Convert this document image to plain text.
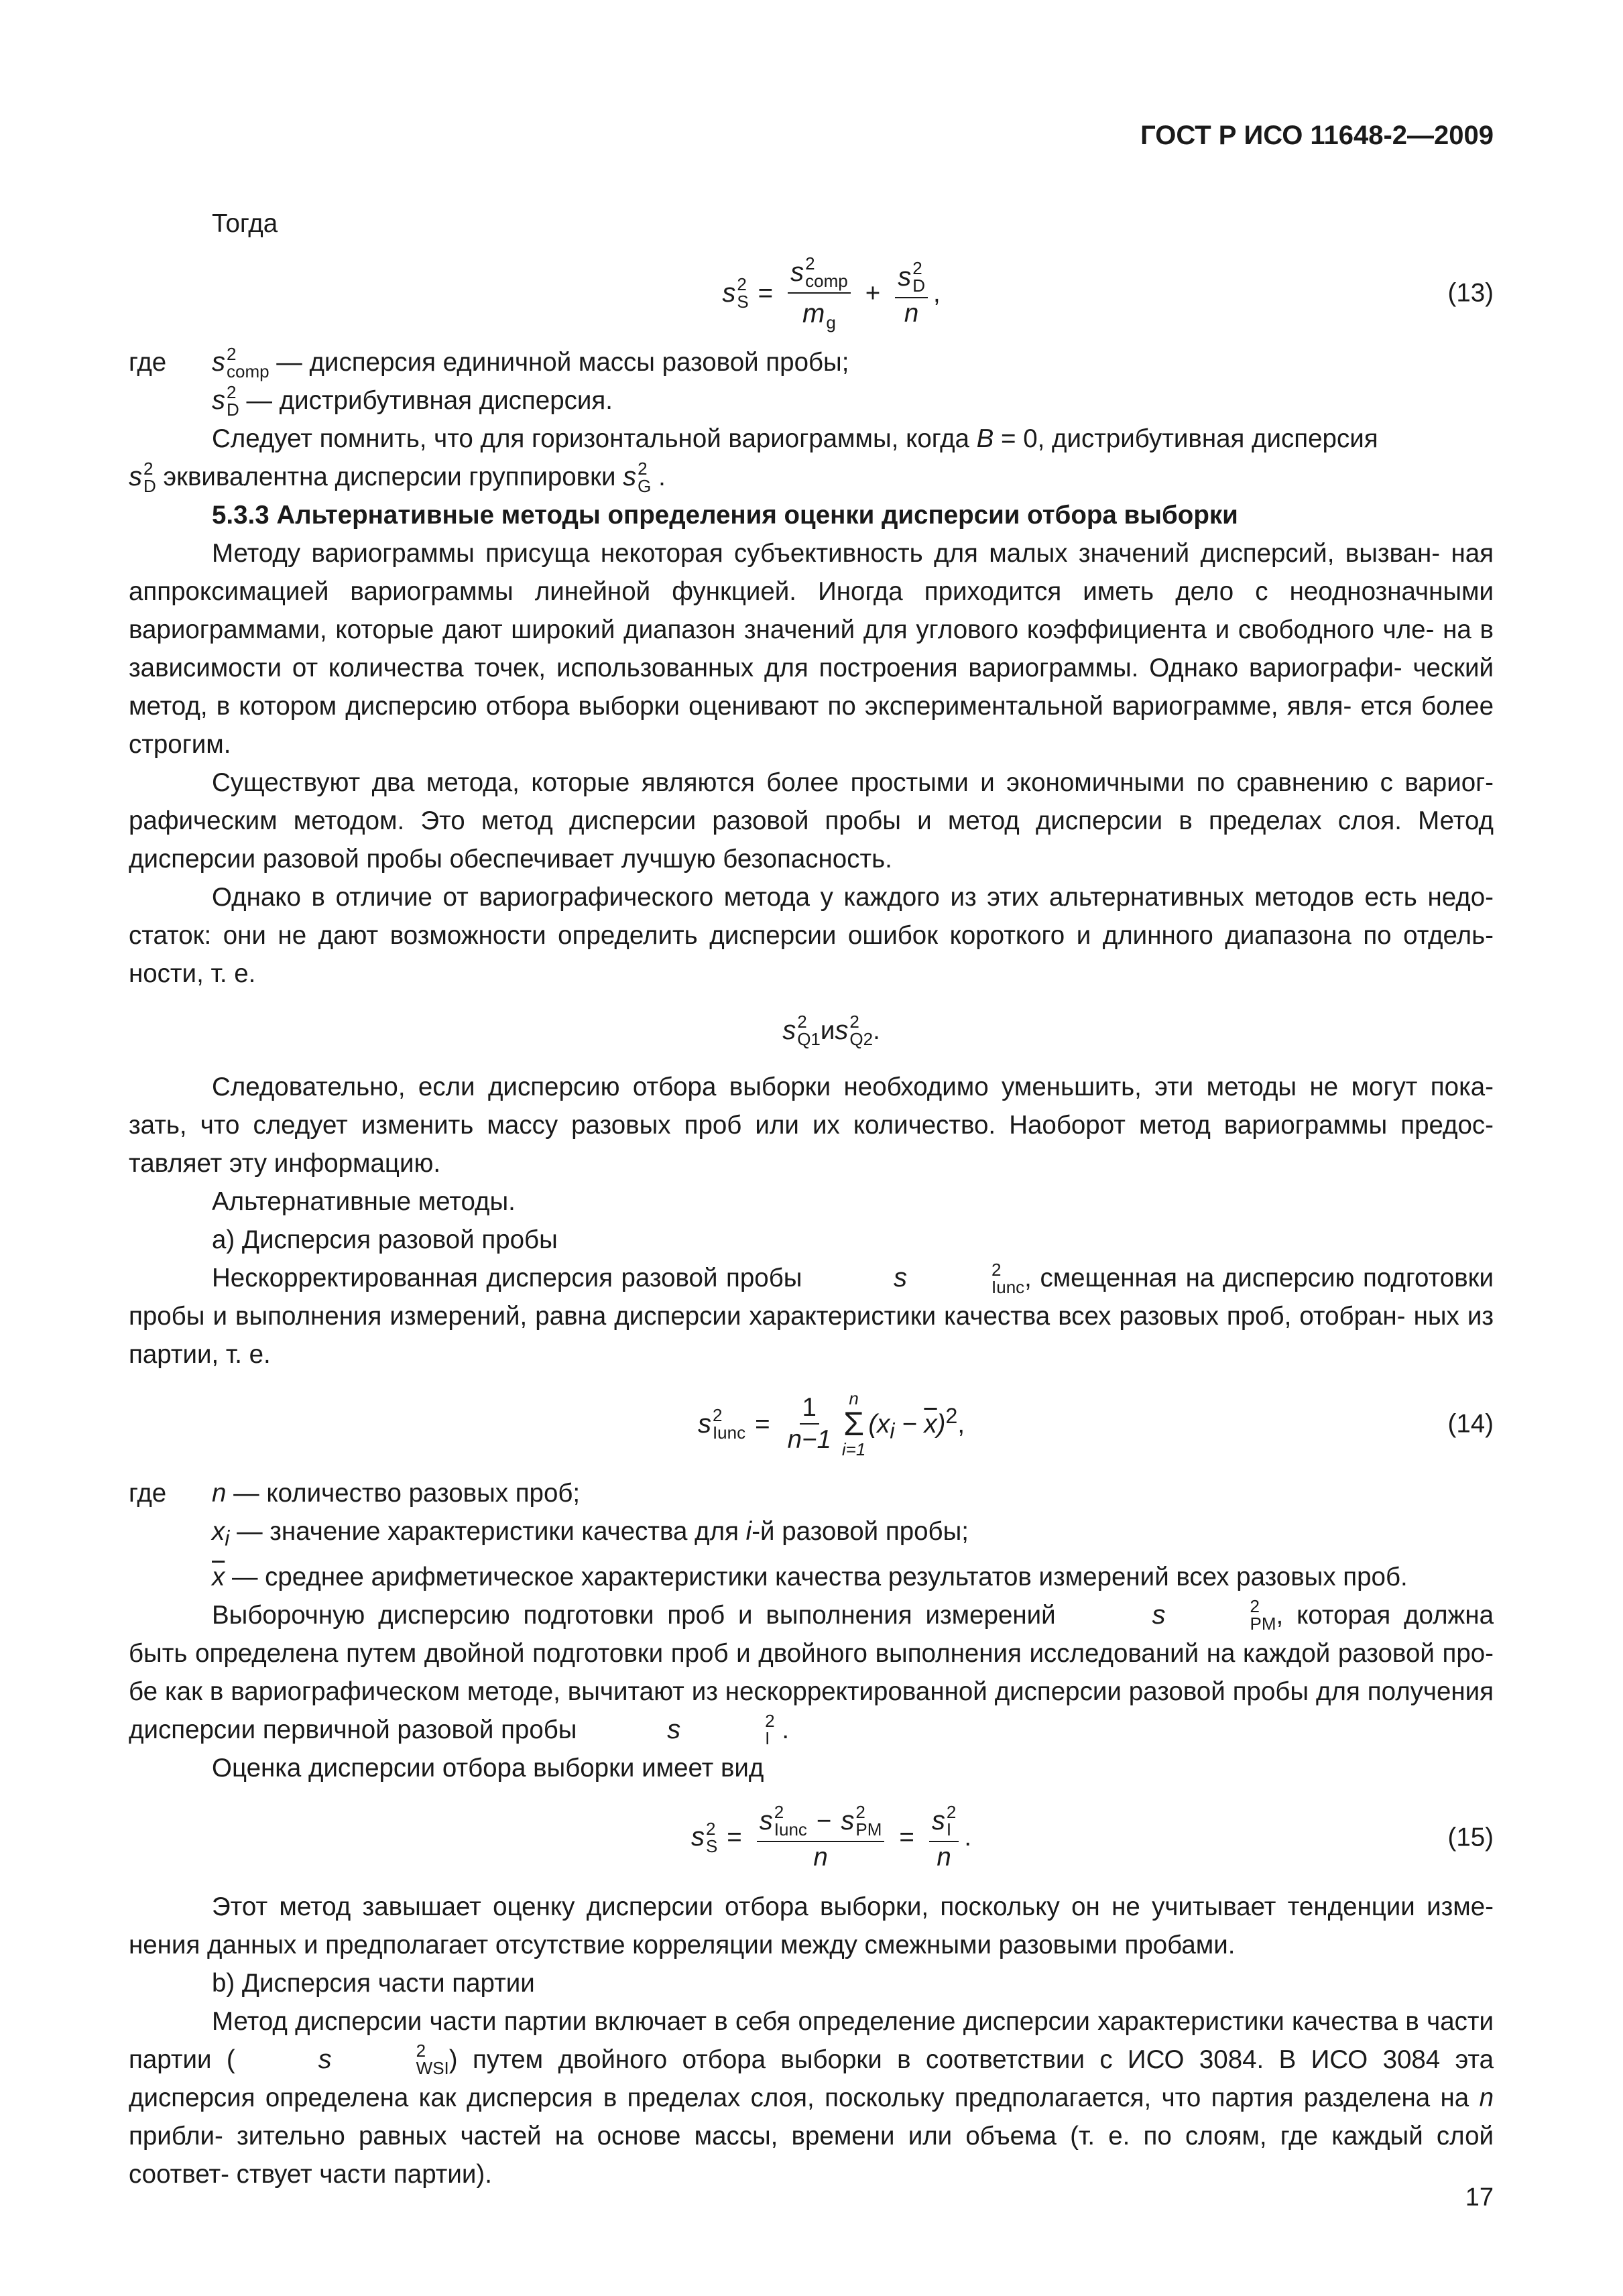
ГОСТ Р ИСО 11648-2—2009

Тогда

s 2
S = s 2
comp
m
g + s 2
D
n ,	(13)
где	s 2
comp — дисперсия единичной массы разовой пробы;
s 2
D — дистрибутивная дисперсия.

Следует помнить, что для горизонтальной вариограммы, когда B = 0, дистрибутивная дисперсия

s 2
D эквивалентна дисперсии группировки s 2
G .

5.3.3 Альтернативные методы определения оценки дисперсии отбора выборки

Методу вариограммы присуща некоторая субъективность для малых значений дисперсий, вызван- ная аппроксимацией вариограммы линейной функцией. Иногда приходится иметь дело с неоднозначными вариограммами, которые дают широкий диапазон значений для углового коэффициента и свободного чле- на в зависимости от количества точек, использованных для построения вариограммы. Однако вариографи- ческий метод, в котором дисперсию отбора выборки оценивают по экспериментальной вариограмме, явля- ется более строгим.

Существуют два метода, которые являются более простыми и экономичными по сравнению с вариог- рафическим методом. Это метод дисперсии разовой пробы и метод дисперсии в пределах слоя. Метод дисперсии разовой пробы обеспечивает лучшую безопасность.

Однако в отличие от вариографического метода у каждого из этих альтернативных методов есть недо- статок: они не дают возможности определить дисперсии ошибок короткого и длинного диапазона по отдель- ности, т. е.

s 2
Q1 и s 2
Q2 .

Следовательно, если дисперсию отбора выборки необходимо уменьшить, эти методы не могут пока- зать, что следует изменить массу разовых проб или их количество. Наоборот метод вариограммы предос- тавляет эту информацию.

Альтернативные методы.

а) Дисперсия разовой пробы

Нескорректированная дисперсия разовой пробы	s	2
Iunc , смещенная на дисперсию подготовки пробы и выполнения измерений, равна дисперсии характеристики качества всех разовых проб, отобран- ных из партии, т. е.

s 2
Iunc = $\frac{1}{n-1}$ n
Σ
i=1
$(x_i - \overline{x})^2$ ,	(14)
где	n — количество разовых проб;
$x_i$ — значение характеристики качества для i-й разовой пробы;
$\overline{x}$ — среднее арифметическое характеристики качества результатов измерений всех разовых проб.

Выборочную дисперсию подготовки проб и выполнения измерений	s	2
PM , которая должна быть определена путем двойной подготовки проб и двойного выполнения исследований на каждой разовой про- бе как в вариографическом методе, вычитают из нескорректированной дисперсии разовой пробы для получения дисперсии первичной разовой пробы	s	2
I .

Оценка дисперсии отбора выборки имеет вид

s 2
S = s 2
Iunc − s 2
PM
n = s 2
I
n .	(15)

Этот метод завышает оценку дисперсии отбора выборки, поскольку он не учитывает тенденции изме- нения данных и предполагает отсутствие корреляции между смежными разовыми пробами.

b) Дисперсия части партии

Метод дисперсии части партии включает в себя определение дисперсии характеристики качества в части партии (	s	2
WSI ) путем двойного отбора выборки в соответствии с ИСО 3084. В ИСО 3084 эта дисперсия определена как дисперсия в пределах слоя, поскольку предполагается, что партия разделена на n прибли- зительно равных частей на основе массы, времени или объема (т. е. по слоям, где каждый слой соответ- ствует части партии).

17
